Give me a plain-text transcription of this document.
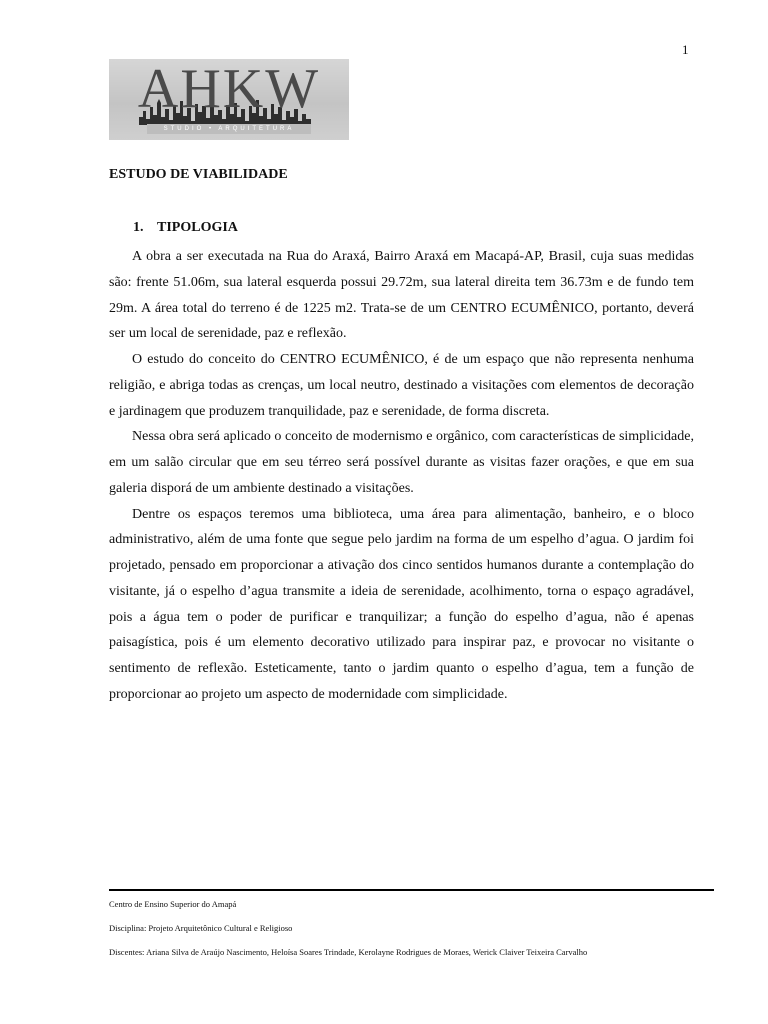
1
AHKW
STUDIO • ARQUITETURA
ESTUDO DE VIABILIDADE
1. TIPOLOGIA

A obra a ser executada na Rua do Araxá, Bairro Araxá em Macapá-AP, Brasil, cuja suas medidas são: frente 51.06m, sua lateral esquerda possui 29.72m, sua lateral direita tem 36.73m e de fundo tem 29m. A área total do terreno é de 1225 m2. Trata-se de um CENTRO ECUMÊNICO, portanto, deverá ser um local de serenidade, paz e reflexão.

O estudo do conceito do CENTRO ECUMÊNICO, é de um espaço que não representa nenhuma religião, e abriga todas as crenças, um local neutro, destinado a visitações com elementos de decoração e jardinagem que produzem tranquilidade, paz e serenidade, de forma discreta.

Nessa obra será aplicado o conceito de modernismo e orgânico, com características de simplicidade, em um salão circular que em seu térreo será possível durante as visitas fazer orações, e que em sua galeria disporá de um ambiente destinado a visitações.

Dentre os espaços teremos uma biblioteca, uma área para alimentação, banheiro, e o bloco administrativo, além de uma fonte que segue pelo jardim na forma de um espelho d’agua. O jardim foi projetado, pensado em proporcionar a ativação dos cinco sentidos humanos durante a contemplação do visitante, já o espelho d’agua transmite a ideia de serenidade, acolhimento, torna o espaço agradável, pois a água tem o poder de purificar e tranquilizar; a função do espelho d’agua, não é apenas paisagística, pois é um elemento decorativo utilizado para inspirar paz, e provocar no visitante o sentimento de reflexão. Esteticamente, tanto o jardim quanto o espelho d’agua, tem a função de proporcionar ao projeto um aspecto de modernidade com simplicidade.

Centro de Ensino Superior do Amapá
Disciplina: Projeto Arquitetônico Cultural e Religioso
Discentes: Ariana Silva de Araújo Nascimento, Heloísa Soares Trindade, Kerolayne Rodrigues de Moraes, Werick Claiver Teixeira Carvalho
